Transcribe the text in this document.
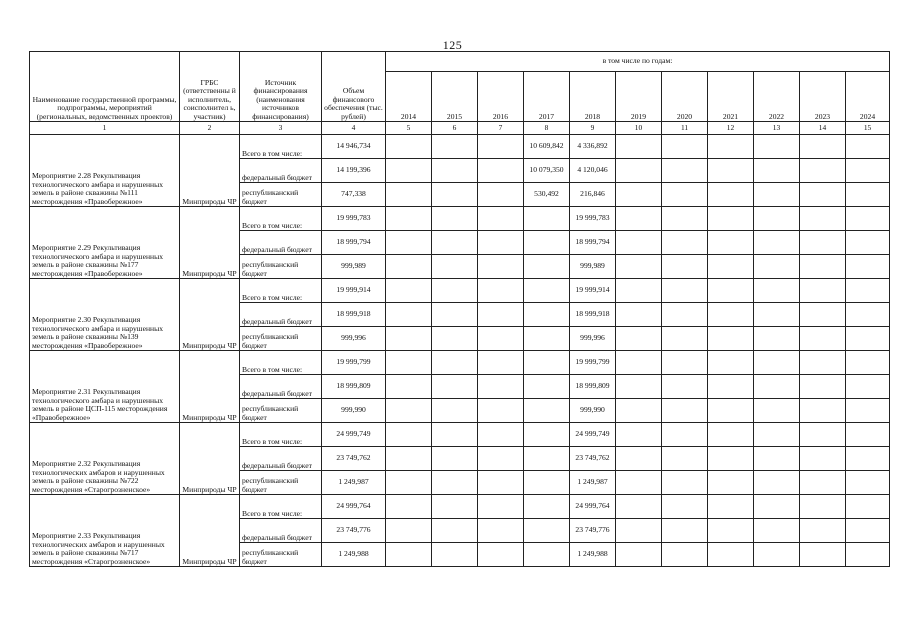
125
Наименование государственной программы, подпрограммы, мероприятий (региональных, ведомственных проектов)	ГРБС (ответственны й исполнитель, соисполнител ь, участник)	Источник финансирования (наименования источников финансирования)	Объем финансового обеспечения (тыс. рублей)	в том числе по годам:										
				2014	2015	2016	2017	2018	2019	2020	2021	2022	2023	2024
1	2	3	4	5	6	7	8	9	10	11	12	13	14	15
Мероприятие 2.28 Рекультивация технологического амбара и нарушенных земель в районе скважины №111 месторождения «Правобережное»	Минприроды ЧР	Всего в том числе:	14 946,734				10 609,842	4 336,892						
		федеральный бюджет	14 199,396				10 079,350	4 120,046						
		республиканский бюджет	747,338				530,492	216,846						
Мероприятие 2.29 Рекультивация технологического амбара и нарушенных земель в районе скважины №177 месторождения «Правобережное»	Минприроды ЧР	Всего в том числе:	19 999,783					19 999,783						
		федеральный бюджет	18 999,794					18 999,794						
		республиканский бюджет	999,989					999,989						
Мероприятие 2.30 Рекультивация технологического амбара и нарушенных земель в районе скважины №139 месторождения «Правобережное»	Минприроды ЧР	Всего в том числе:	19 999,914					19 999,914						
		федеральный бюджет	18 999,918					18 999,918						
		республиканский бюджет	999,996					999,996						
Мероприятие 2.31 Рекультивация технологического амбара и нарушенных земель в районе ЦСП-115 месторождения «Правобережное»	Минприроды ЧР	Всего в том числе:	19 999,799					19 999,799						
		федеральный бюджет	18 999,809					18 999,809						
		республиканский бюджет	999,990					999,990						
Мероприятие 2.32 Рекультивация технологических амбаров и нарушенных земель в районе скважины №722 месторождения «Старогрозненское»	Минприроды ЧР	Всего в том числе:	24 999,749					24 999,749						
		федеральный бюджет	23 749,762					23 749,762						
		республиканский бюджет	1 249,987					1 249,987						
Мероприятие 2.33 Рекультивация технологических амбаров и нарушенных земель в районе скважины №717 месторождения «Старогрозненское»	Минприроды ЧР	Всего в том числе:	24 999,764					24 999,764						
		федеральный бюджет	23 749,776					23 749,776						
		республиканский бюджет	1 249,988					1 249,988						
